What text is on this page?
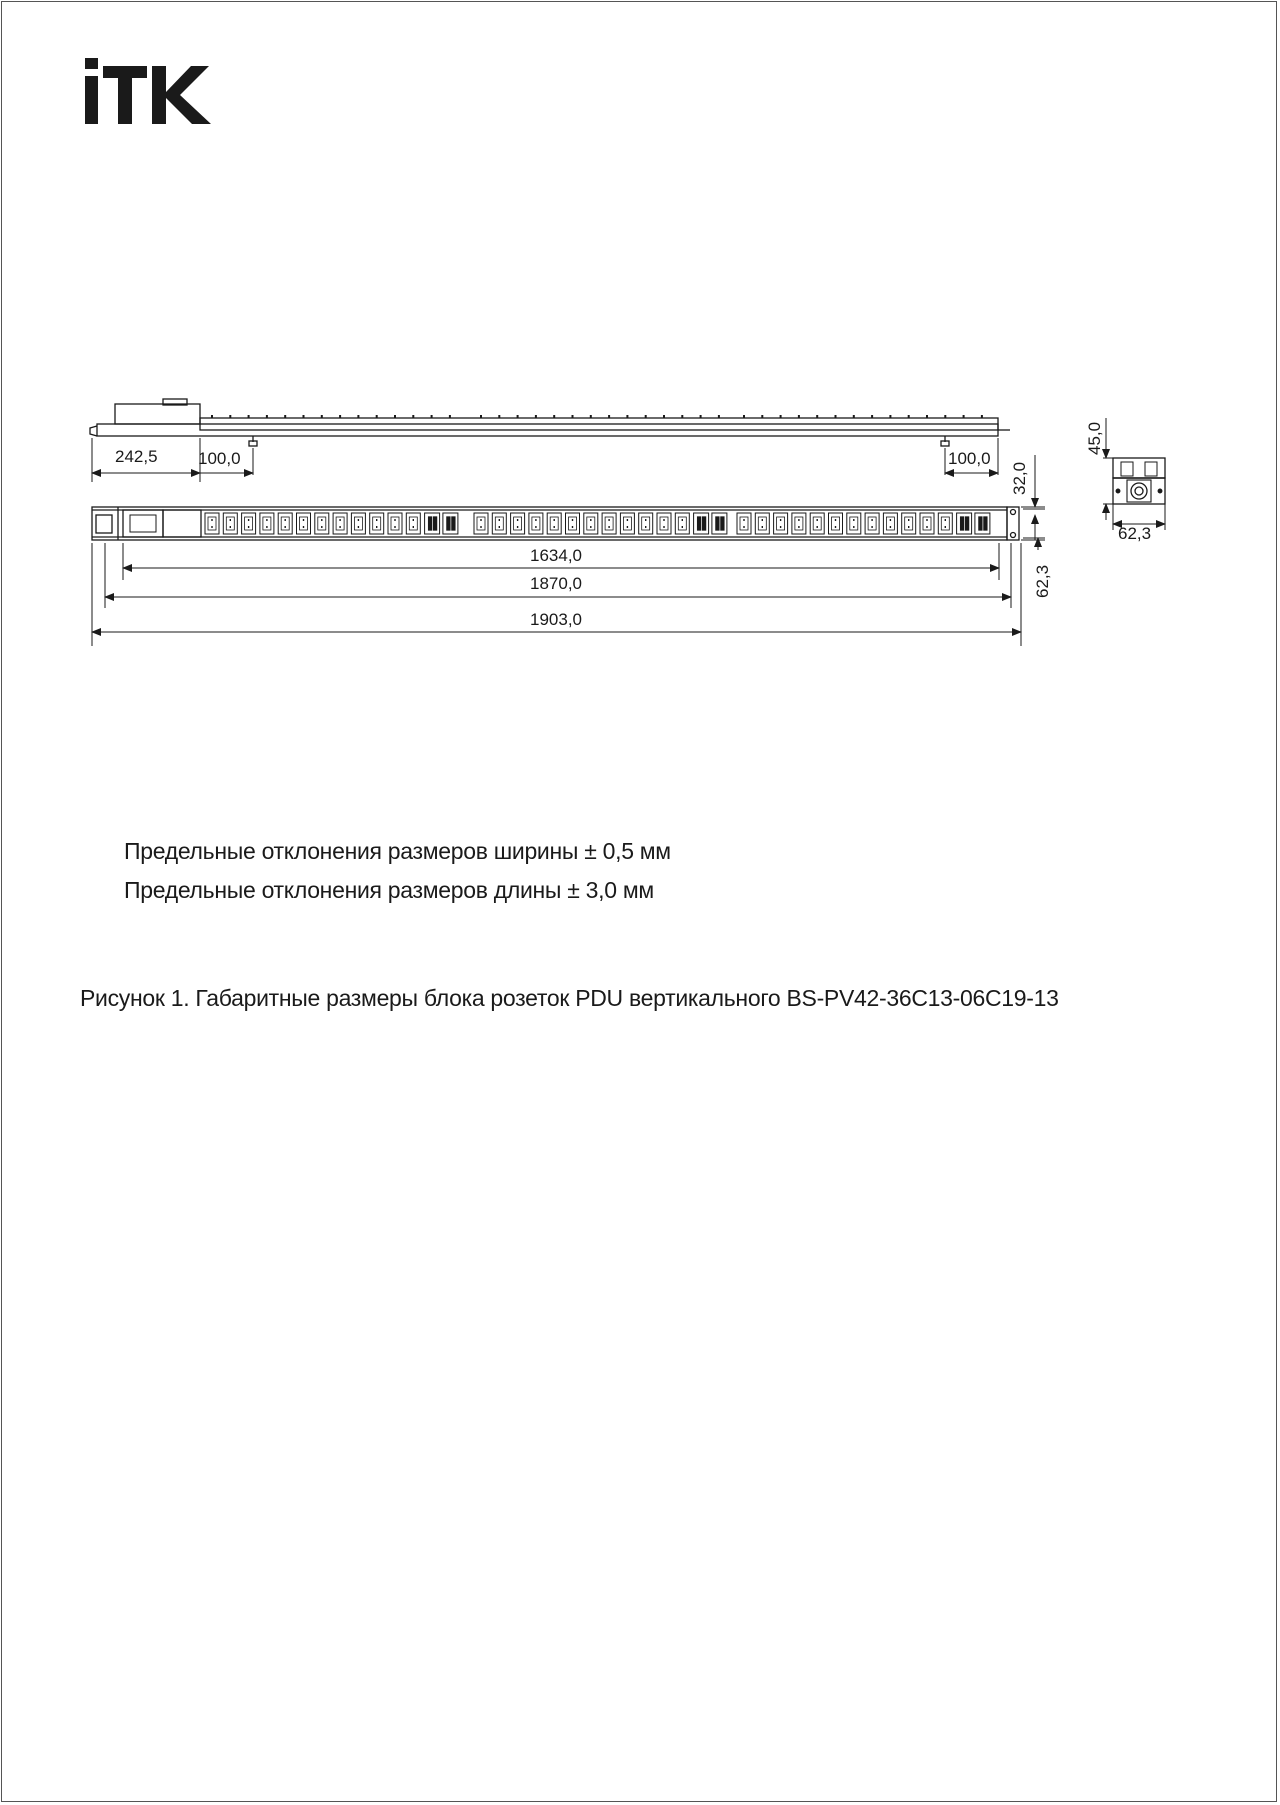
242,5 100,0	100,0
1634,0
1870,0
1903,0
32,0
62,3
45,0
62,3
Предельные отклонения размеров ширины ± 0,5 мм
Предельные отклонения размеров длины ± 3,0 мм
Рисунок 1. Габаритные размеры блока розеток PDU вертикального BS-PV42-36C13-06C19-13
